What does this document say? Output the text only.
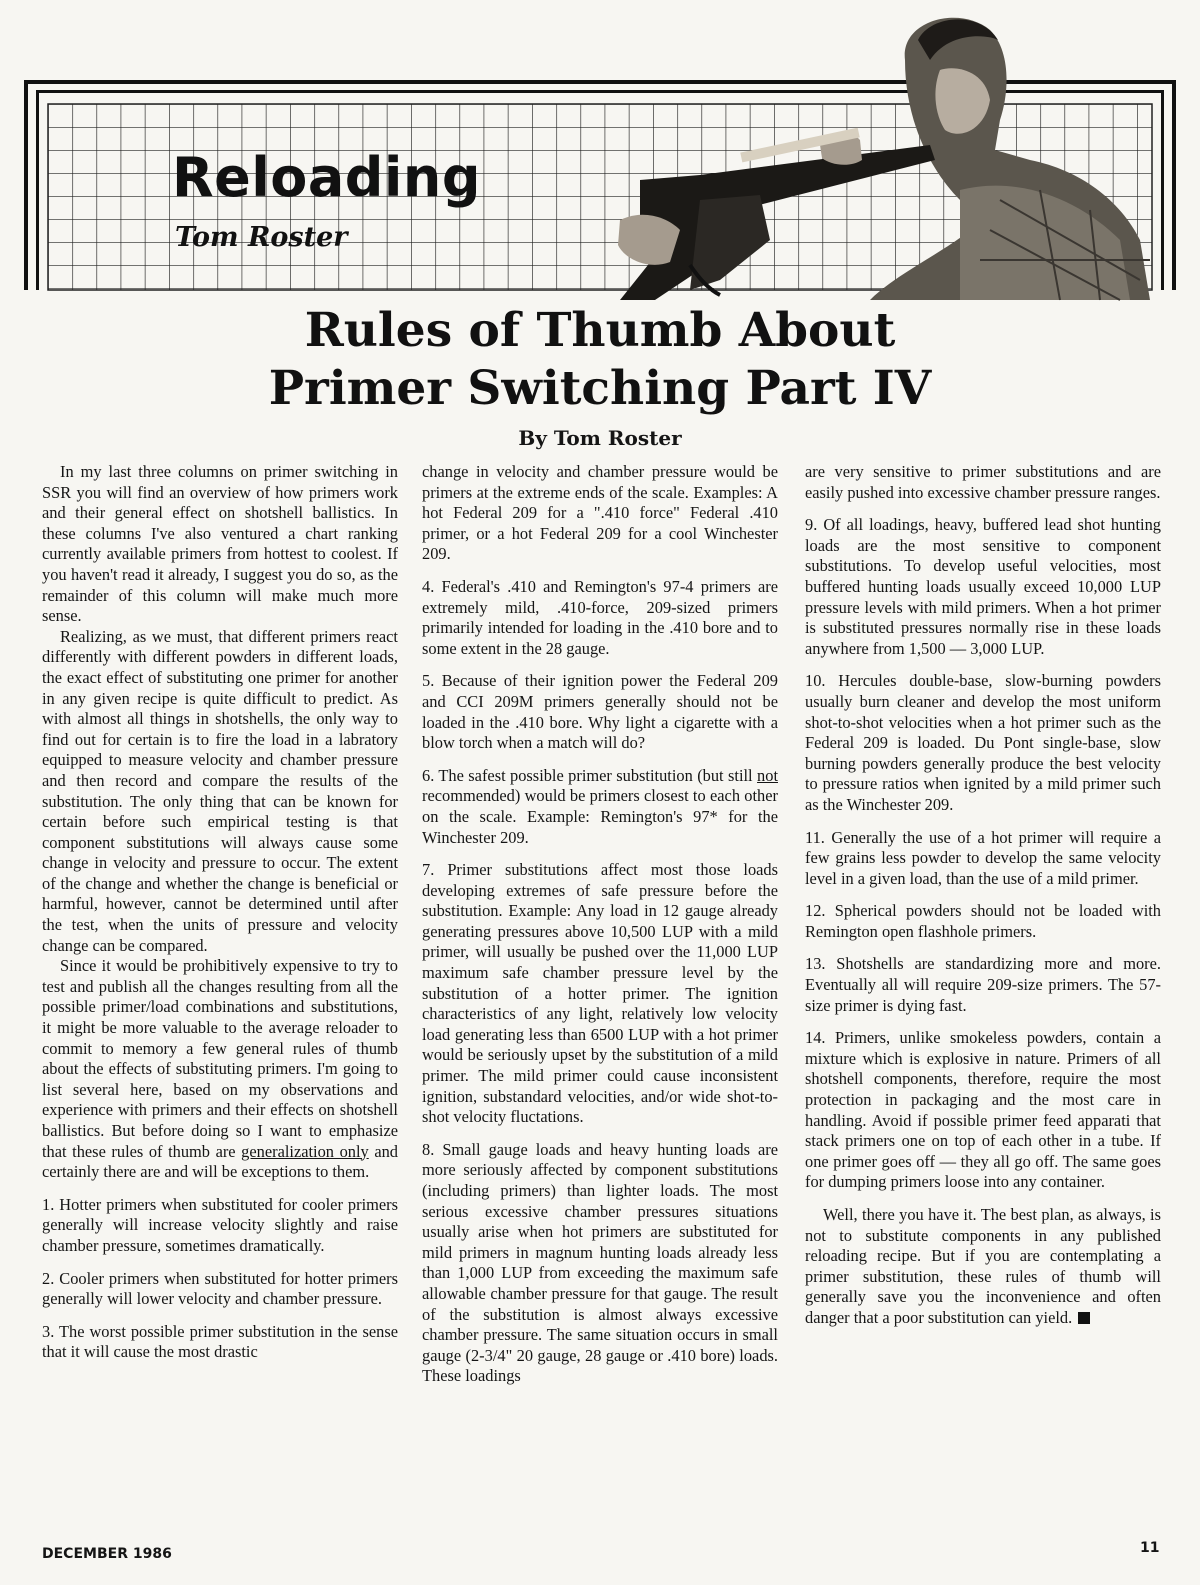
Reloading
Tom Roster
Rules of Thumb About
Primer Switching Part IV
By Tom Roster

In my last three columns on primer switching in SSR you will find an overview of how primers work and their general effect on shotshell ballistics. In these columns I've also ventured a chart ranking currently available primers from hottest to coolest. If you haven't read it already, I suggest you do so, as the remainder of this column will make much more sense.

Realizing, as we must, that different primers react differently with different powders in different loads, the exact effect of substituting one primer for another in any given recipe is quite difficult to predict. As with almost all things in shotshells, the only way to find out for certain is to fire the load in a labratory equipped to measure velocity and chamber pressure and then record and compare the results of the substitution. The only thing that can be known for certain before such empirical testing is that component substitutions will always cause some change in velocity and pressure to occur. The extent of the change and whether the change is beneficial or harmful, however, cannot be determined until after the test, when the units of pressure and velocity change can be compared.

Since it would be prohibitively expensive to try to test and publish all the changes resulting from all the possible primer/load combinations and substitutions, it might be more valuable to the average reloader to commit to memory a few general rules of thumb about the effects of substituting primers. I'm going to list several here, based on my observations and experience with primers and their effects on shotshell ballistics. But before doing so I want to emphasize that these rules of thumb are generalization only and certainly there are and will be exceptions to them.

1. Hotter primers when substituted for cooler primers generally will increase velocity slightly and raise chamber pressure, sometimes dramatically.

2. Cooler primers when substituted for hotter primers generally will lower velocity and chamber pressure.

3. The worst possible primer substitution in the sense that it will cause the most drastic

change in velocity and chamber pressure would be primers at the extreme ends of the scale. Examples: A hot Federal 209 for a ".410 force" Federal .410 primer, or a hot Federal 209 for a cool Winchester 209.

4. Federal's .410 and Remington's 97-4 primers are extremely mild, .410-force, 209-sized primers primarily intended for loading in the .410 bore and to some extent in the 28 gauge.

5. Because of their ignition power the Federal 209 and CCI 209M primers generally should not be loaded in the .410 bore. Why light a cigarette with a blow torch when a match will do?

6. The safest possible primer substitution (but still not recommended) would be primers closest to each other on the scale. Example: Remington's 97* for the Winchester 209.

7. Primer substitutions affect most those loads developing extremes of safe pressure before the substitution. Example: Any load in 12 gauge already generating pressures above 10,500 LUP with a mild primer, will usually be pushed over the 11,000 LUP maximum safe chamber pressure level by the substitution of a hotter primer. The ignition characteristics of any light, relatively low velocity load generating less than 6500 LUP with a hot primer would be seriously upset by the substitution of a mild primer. The mild primer could cause inconsistent ignition, substandard velocities, and/or wide shot-to-shot velocity fluctations.

8. Small gauge loads and heavy hunting loads are more seriously affected by component substitutions (including primers) than lighter loads. The most serious excessive chamber pressures situations usually arise when hot primers are substituted for mild primers in magnum hunting loads already less than 1,000 LUP from exceeding the maximum safe allowable chamber pressure for that gauge. The result of the substitution is almost always excessive chamber pressure. The same situation occurs in small gauge (2-3/4" 20 gauge, 28 gauge or .410 bore) loads. These loadings

are very sensitive to primer substitutions and are easily pushed into excessive chamber pressure ranges.

9. Of all loadings, heavy, buffered lead shot hunting loads are the most sensitive to component substitutions. To develop useful velocities, most buffered hunting loads usually exceed 10,000 LUP pressure levels with mild primers. When a hot primer is substituted pressures normally rise in these loads anywhere from 1,500 — 3,000 LUP.

10. Hercules double-base, slow-burning powders usually burn cleaner and develop the most uniform shot-to-shot velocities when a hot primer such as the Federal 209 is loaded. Du Pont single-base, slow burning powders generally produce the best velocity to pressure ratios when ignited by a mild primer such as the Winchester 209.

11. Generally the use of a hot primer will require a few grains less powder to develop the same velocity level in a given load, than the use of a mild primer.

12. Spherical powders should not be loaded with Remington open flashhole primers.

13. Shotshells are standardizing more and more. Eventually all will require 209-size primers. The 57-size primer is dying fast.

14. Primers, unlike smokeless powders, contain a mixture which is explosive in nature. Primers of all shotshell components, therefore, require the most protection in packaging and the most care in handling. Avoid if possible primer feed apparati that stack primers one on top of each other in a tube. If one primer goes off — they all go off. The same goes for dumping primers loose into any container.

Well, there you have it. The best plan, as always, is not to substitute components in any published reloading recipe. But if you are contemplating a primer substitution, these rules of thumb will generally save you the inconvenience and often danger that a poor substitution can yield.

DECEMBER 1986	11
